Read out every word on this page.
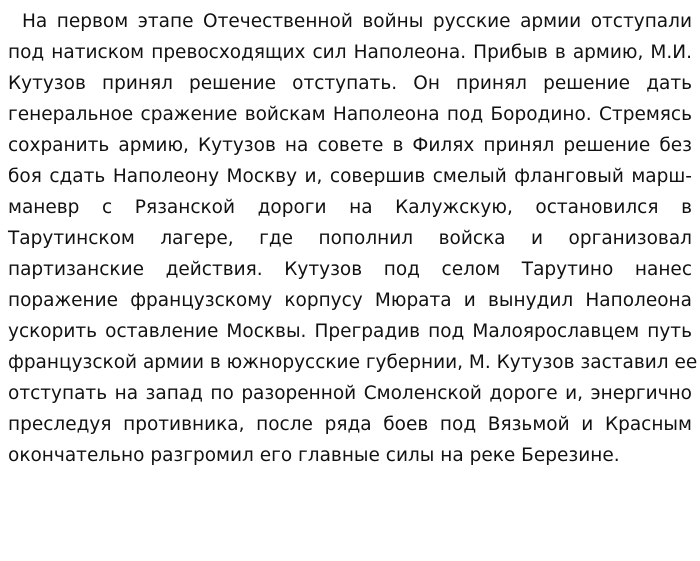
На первом этапе Отечественной войны русские армии отступали
под натиском превосходящих сил Наполеона. Прибыв в армию, М.И.
Кутузов принял решение отступать. Он принял решение дать
генеральное сражение войскам Наполеона под Бородино. Стремясь
сохранить армию, Кутузов на совете в Филях принял решение без
боя сдать Наполеону Москву и, совершив смелый фланговый марш-
маневр с Рязанской дороги на Калужскую, остановился в
Тарутинском лагере, где пополнил войска и организовал
партизанские действия. Кутузов под селом Тарутино нанес
поражение французскому корпусу Мюрата и вынудил Наполеона
ускорить оставление Москвы. Преградив под Малоярославцем путь
французской армии в южнорусские губернии, М. Кутузов заставил ее
отступать на запад по разоренной Смоленской дороге и, энергично
преследуя противника, после ряда боев под Вязьмой и Красным
окончательно разгромил его главные силы на реке Березине.
